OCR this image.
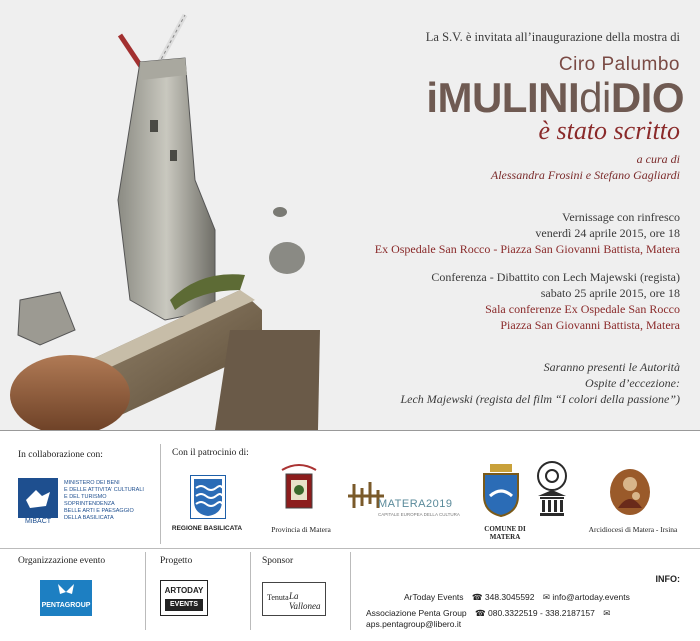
La S.V. è invitata all’inaugurazione della mostra di
Ciro Palumbo
iMULINIdiDIO
è stato scritto
a cura di
Alessandra Frosini e Stefano Gagliardi
Vernissage con rinfresco
venerdì 24 aprile 2015, ore 18
Ex Ospedale San Rocco - Piazza San Giovanni Battista, Matera
Conferenza - Dibattito con Lech Majewski (regista)
sabato 25 aprile 2015, ore 18
Sala conferenze Ex Ospedale San Rocco
Piazza San Giovanni Battista, Matera
Saranno presenti le Autorità
Ospite d’eccezione:
Lech Majewski (regista del film “I colori della passione”)
In collaborazione con:
MiBACT
MINISTERO DEI BENI
E DELLE ATTIVITA' CULTURALI
E DEL TURISMO
SOPRINTENDENZA
BELLE ARTI E PAESAGGIO
DELLA BASILICATA
Con il patrocinio di:
REGIONE BASILICATA	Provincia di Matera
MATERA2019
CAPITALE EUROPEA DELLA CULTURA
COMUNE DI MATERA
Arcidiocesi di Matera - Irsina
Organizzazione evento
PENTAGROUP
Progetto
ARTODAY
EVENTS
Sponsor
Tenuta La Valloneа
INFO:
ArToday Events ☎ 348.3045592 ✉ info@artoday.events
Associazione Penta Group ☎ 080.3322519 - 338.2187157 ✉ aps.pentagroup@libero.it
